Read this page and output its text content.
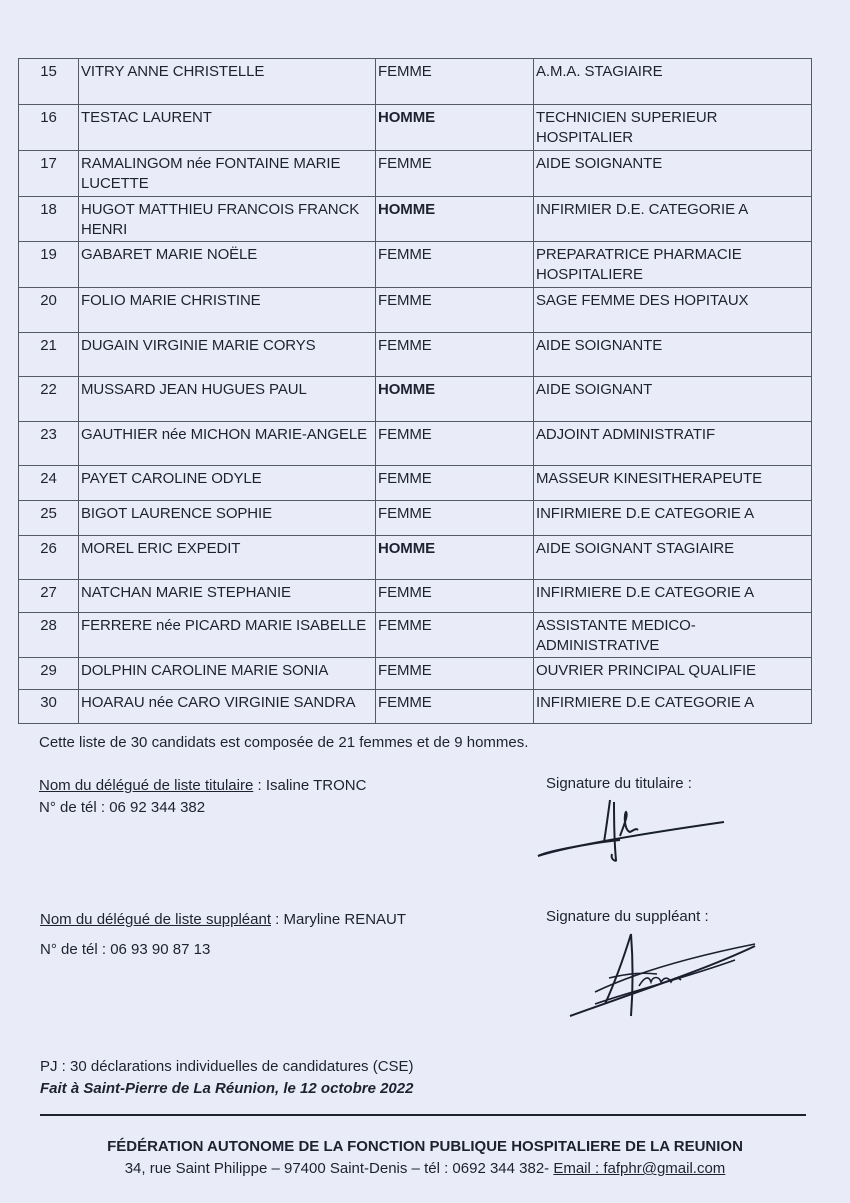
15	VITRY ANNE CHRISTELLE	FEMME	A.M.A. STAGIAIRE
16	TESTAC LAURENT	HOMME	TECHNICIEN SUPERIEUR HOSPITALIER
17	RAMALINGOM née FONTAINE MARIE LUCETTE	FEMME	AIDE SOIGNANTE
18	HUGOT MATTHIEU FRANCOIS FRANCK HENRI	HOMME	INFIRMIER D.E. CATEGORIE A
19	GABARET MARIE NOËLE	FEMME	PREPARATRICE PHARMACIE HOSPITALIERE
20	FOLIO MARIE CHRISTINE	FEMME	SAGE FEMME DES HOPITAUX
21	DUGAIN VIRGINIE MARIE CORYS	FEMME	AIDE SOIGNANTE
22	MUSSARD JEAN HUGUES PAUL	HOMME	AIDE SOIGNANT
23	GAUTHIER née MICHON MARIE-ANGELE	FEMME	ADJOINT ADMINISTRATIF
24	PAYET CAROLINE ODYLE	FEMME	MASSEUR KINESITHERAPEUTE
25	BIGOT LAURENCE SOPHIE	FEMME	INFIRMIERE D.E CATEGORIE A
26	MOREL ERIC EXPEDIT	HOMME	AIDE SOIGNANT STAGIAIRE
27	NATCHAN MARIE STEPHANIE	FEMME	INFIRMIERE D.E CATEGORIE A
28	FERRERE née PICARD MARIE ISABELLE	FEMME	ASSISTANTE MEDICO-ADMINISTRATIVE
29	DOLPHIN CAROLINE MARIE SONIA	FEMME	OUVRIER PRINCIPAL QUALIFIE
30	HOARAU née CARO VIRGINIE SANDRA	FEMME	INFIRMIERE D.E CATEGORIE A
Cette liste de 30 candidats est composée de 21 femmes et de 9 hommes.
Nom du délégué de liste titulaire : Isaline TRONC
N° de tél : 06 92 344 382
Signature du titulaire :
Nom du délégué de liste suppléant : Maryline RENAUT
N° de tél : 06 93 90 87 13
Signature du suppléant :
PJ : 30 déclarations individuelles de candidatures (CSE)
Fait à Saint-Pierre de La Réunion, le 12 octobre 2022
FÉDÉRATION AUTONOME DE LA FONCTION PUBLIQUE HOSPITALIERE DE LA REUNION
34, rue Saint Philippe – 97400 Saint-Denis – tél : 0692 344 382- Email : fafphr@gmail.com
